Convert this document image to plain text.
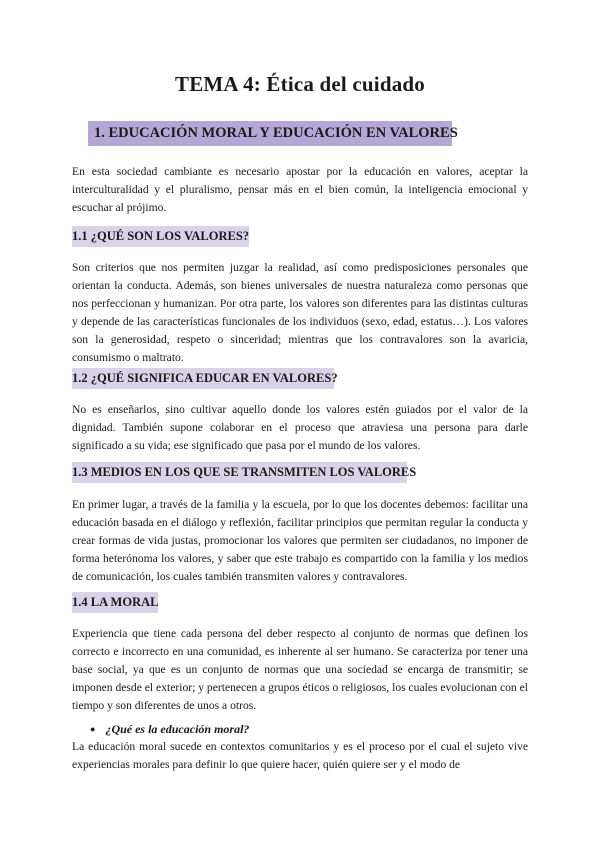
TEMA 4: Ética del cuidado
1. EDUCACIÓN MORAL Y EDUCACIÓN EN VALORES

En esta sociedad cambiante es necesario apostar por la educación en valores, aceptar la interculturalidad y el pluralismo, pensar más en el bien común, la inteligencia emocional y escuchar al prójimo.

1.1 ¿QUÉ SON LOS VALORES?

Son criterios que nos permiten juzgar la realidad, así como predisposiciones personales que orientan la conducta. Además, son bienes universales de nuestra naturaleza como personas que nos perfeccionan y humanizan. Por otra parte, los valores son diferentes para las distintas culturas y depende de las características funcionales de los individuos (sexo, edad, estatus…). Los valores son la generosidad, respeto o sinceridad; mientras que los contravalores son la avaricia, consumismo o maltrato.

1.2 ¿QUÉ SIGNIFICA EDUCAR EN VALORES?

No es enseñarlos, sino cultivar aquello donde los valores estén guiados por el valor de la dignidad. También supone colaborar en el proceso que atraviesa una persona para darle significado a su vida; ese significado que pasa por el mundo de los valores.

1.3 MEDIOS EN LOS QUE SE TRANSMITEN LOS VALORES

En primer lugar, a través de la familia y la escuela, por lo que los docentes debemos: facilitar una educación basada en el diálogo y reflexión, facilitar principios que permitan regular la conducta y crear formas de vida justas, promocionar los valores que permiten ser ciudadanos, no imponer de forma heterónoma los valores, y saber que este trabajo es compartido con la familia y los medios de comunicación, los cuales también transmiten valores y contravalores.

1.4 LA MORAL

Experiencia que tiene cada persona del deber respecto al conjunto de normas que definen los correcto e incorrecto en una comunidad, es inherente al ser humano. Se caracteriza por tener una base social, ya que es un conjunto de normas que una sociedad se encarga de transmitir; se imponen desde el exterior; y pertenecen a grupos éticos o religiosos, los cuales evolucionan con el tiempo y son diferentes de unos a otros.

● ¿Qué es la educación moral?

La educación moral sucede en contextos comunitarios y es el proceso por el cual el sujeto vive experiencias morales para definir lo que quiere hacer, quién quiere ser y el modo de
